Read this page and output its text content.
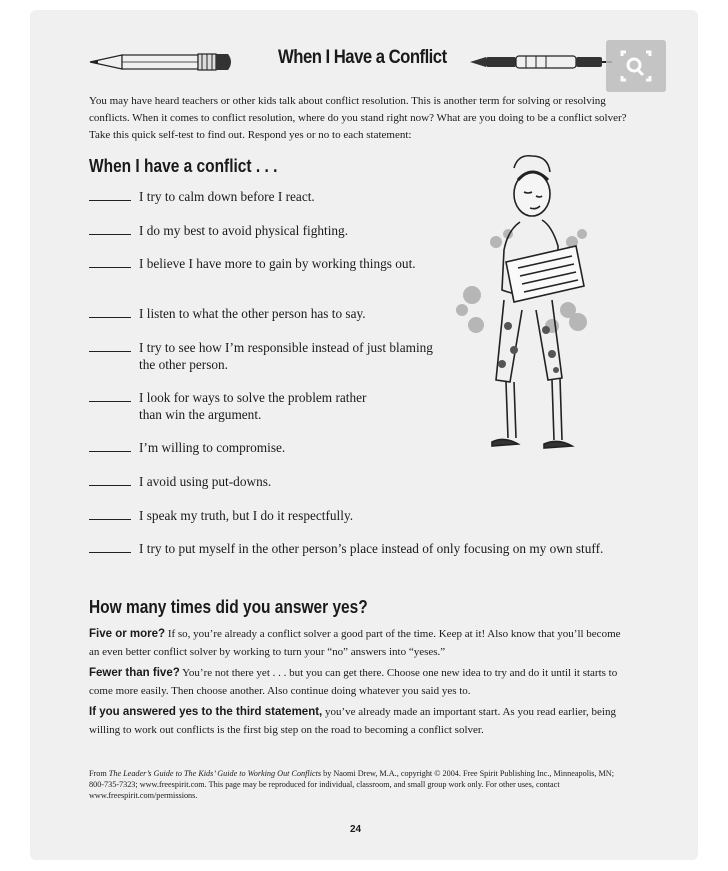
When I Have a Conflict
You may have heard teachers or other kids talk about conflict resolution. This is another term for solving or resolving conflicts. When it comes to conflict resolution, where do you stand right now? What are you doing to be a conflict solver? Take this quick self-test to find out. Respond yes or no to each statement:
When I have a conflict . . .
I try to calm down before I react.
I do my best to avoid physical fighting.
I believe I have more to gain by working things out.
I listen to what the other person has to say.
I try to see how I’m responsible instead of just blaming the other person.
I look for ways to solve the problem rather than win the argument.
I’m willing to compromise.
I avoid using put-downs.
I speak my truth, but I do it respectfully.
I try to put myself in the other person’s place instead of only focusing on my own stuff.
How many times did you answer yes?
Five or more? If so, you’re already a conflict solver a good part of the time. Keep at it! Also know that you’ll become an even better conflict solver by working to turn your “no” answers into “yeses.”
Fewer than five? You’re not there yet . . . but you can get there. Choose one new idea to try and do it until it starts to come more easily. Then choose another. Also continue doing whatever you said yes to.
If you answered yes to the third statement, you’ve already made an important start. As you read earlier, being willing to work out conflicts is the first big step on the road to becoming a conflict solver.
From The Leader’s Guide to The Kids’ Guide to Working Out Conflicts by Naomi Drew, M.A., copyright © 2004. Free Spirit Publishing Inc., Minneapolis, MN; 800-735-7323; www.freespirit.com. This page may be reproduced for individual, classroom, and small group work only. For other uses, contact www.freespirit.com/permissions.
24
